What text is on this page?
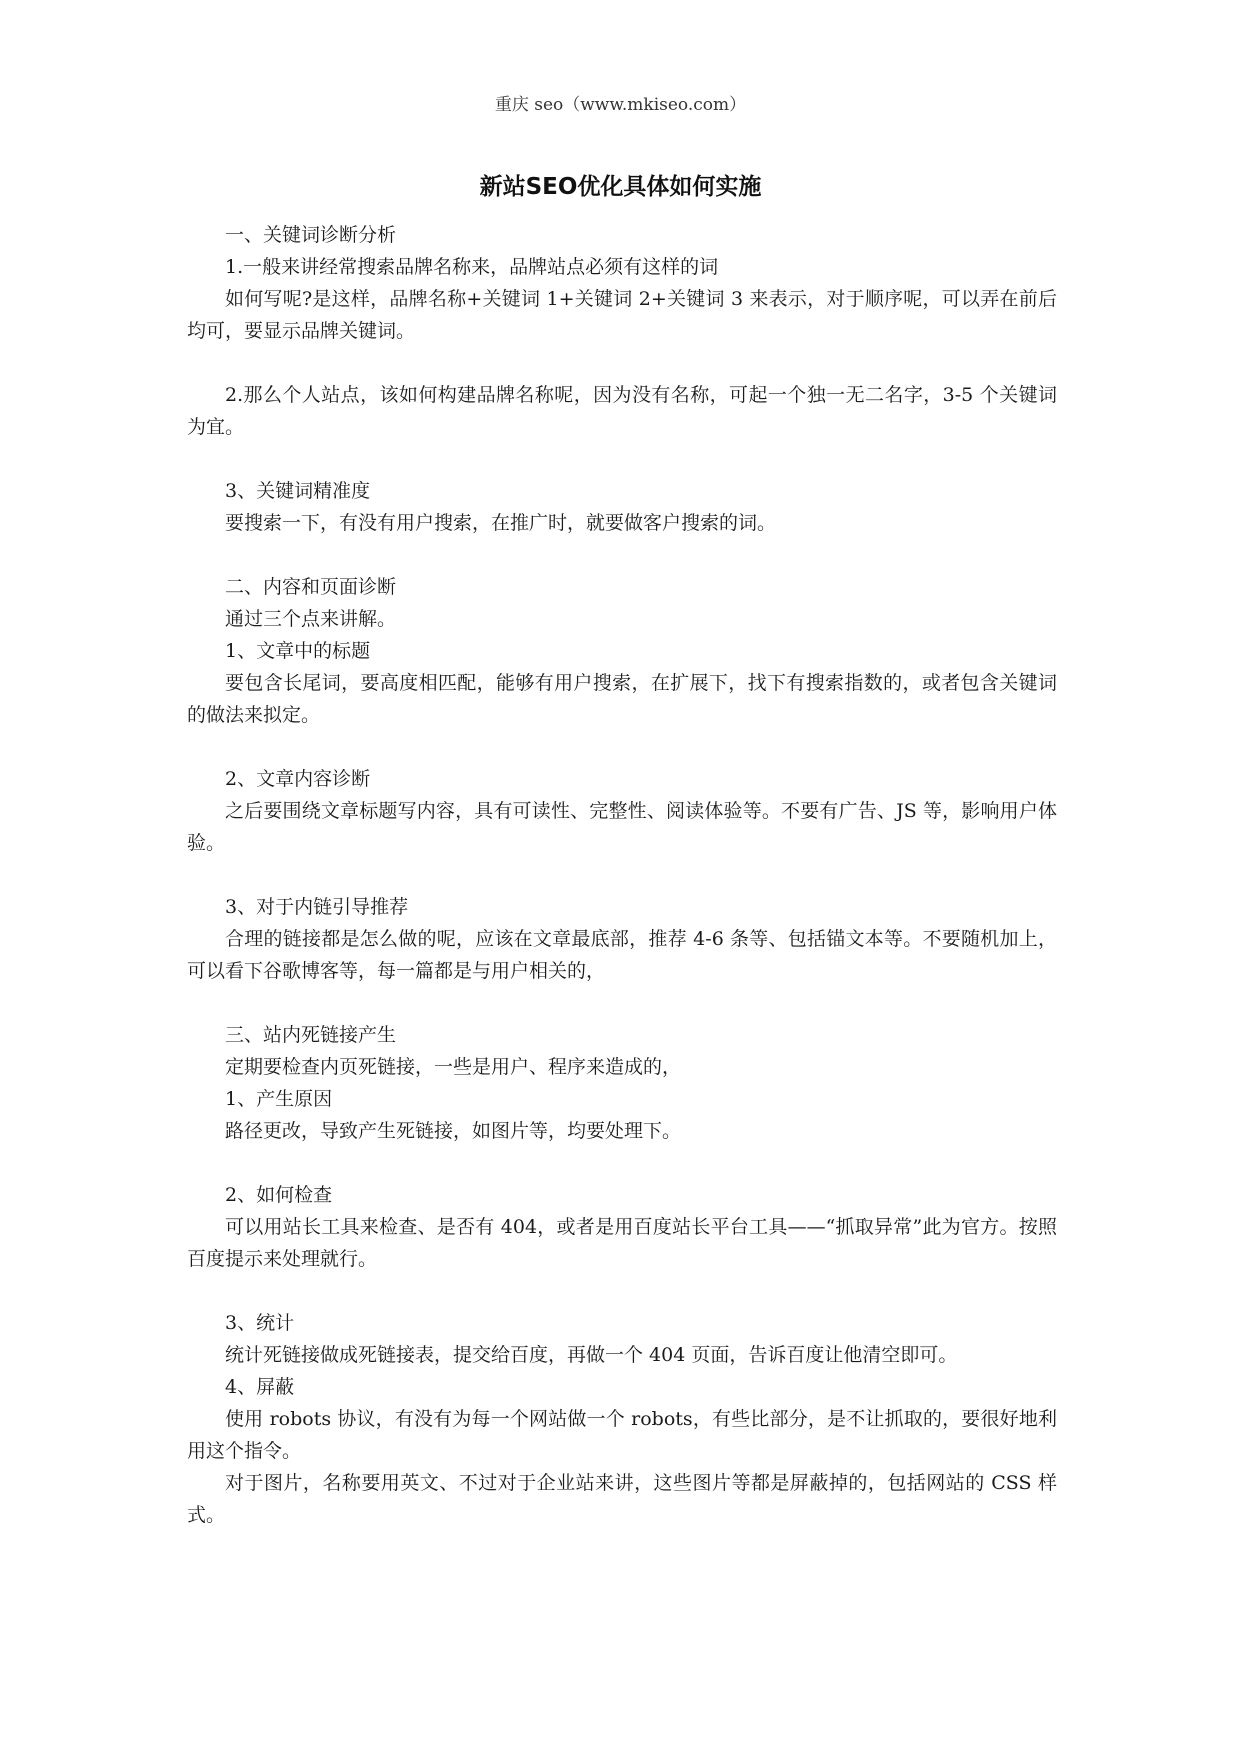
重庆 seo（www.mkiseo.com）
新站SEO优化具体如何实施
一、关键词诊断分析
1.一般来讲经常搜索品牌名称来，品牌站点必须有这样的词
如何写呢?是这样，品牌名称+关键词 1+关键词 2+关键词 3 来表示，对于顺序呢，可以弄在前后均可，要显示品牌关键词。
2.那么个人站点，该如何构建品牌名称呢，因为没有名称，可起一个独一无二名字，3-5 个关键词为宜。
3、关键词精准度
要搜索一下，有没有用户搜索，在推广时，就要做客户搜索的词。
二、内容和页面诊断
通过三个点来讲解。
1、文章中的标题
要包含长尾词，要高度相匹配，能够有用户搜索，在扩展下，找下有搜索指数的，或者包含关键词的做法来拟定。
2、文章内容诊断
之后要围绕文章标题写内容，具有可读性、完整性、阅读体验等。不要有广告、JS 等，影响用户体验。
3、对于内链引导推荐
合理的链接都是怎么做的呢，应该在文章最底部，推荐 4-6 条等、包括锚文本等。不要随机加上，可以看下谷歌博客等，每一篇都是与用户相关的，
三、站内死链接产生
定期要检查内页死链接，一些是用户、程序来造成的，
1、产生原因
路径更改，导致产生死链接，如图片等，均要处理下。
2、如何检查
可以用站长工具来检查、是否有 404，或者是用百度站长平台工具——“抓取异常”此为官方。按照百度提示来处理就行。
3、统计
统计死链接做成死链接表，提交给百度，再做一个 404 页面，告诉百度让他清空即可。
4、屏蔽
使用 robots 协议，有没有为每一个网站做一个 robots，有些比部分，是不让抓取的，要很好地利用这个指令。
对于图片，名称要用英文、不过对于企业站来讲，这些图片等都是屏蔽掉的，包括网站的 CSS 样式。
